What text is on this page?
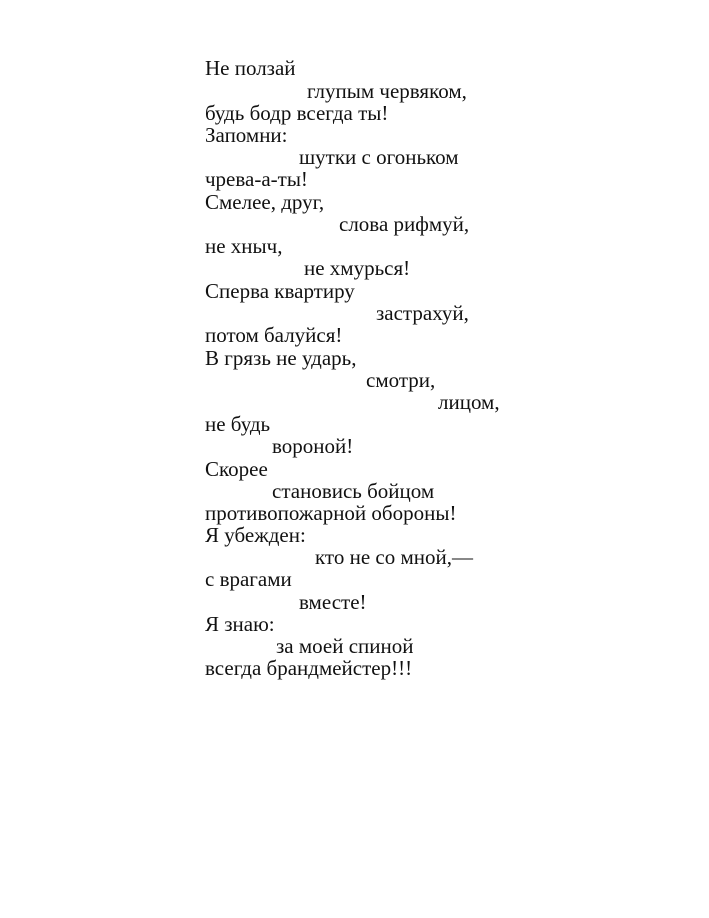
Не ползай

глупым червяком,

будь бодр всегда ты!

Запомни:

шутки с огоньком

чрева-а-ты!

Смелее, друг,

слова рифмуй,

не хныч,

не хмурься!

Сперва квартиру

застрахуй,

потом балуйся!

В грязь не ударь,

смотри,

лицом,

не будь

вороной!

Скорее

становись бойцом

противопожарной обороны!

Я убежден:

кто не со мной,—

с врагами

вместе!

Я знаю:

за моей спиной

всегда брандмейстер!!!
